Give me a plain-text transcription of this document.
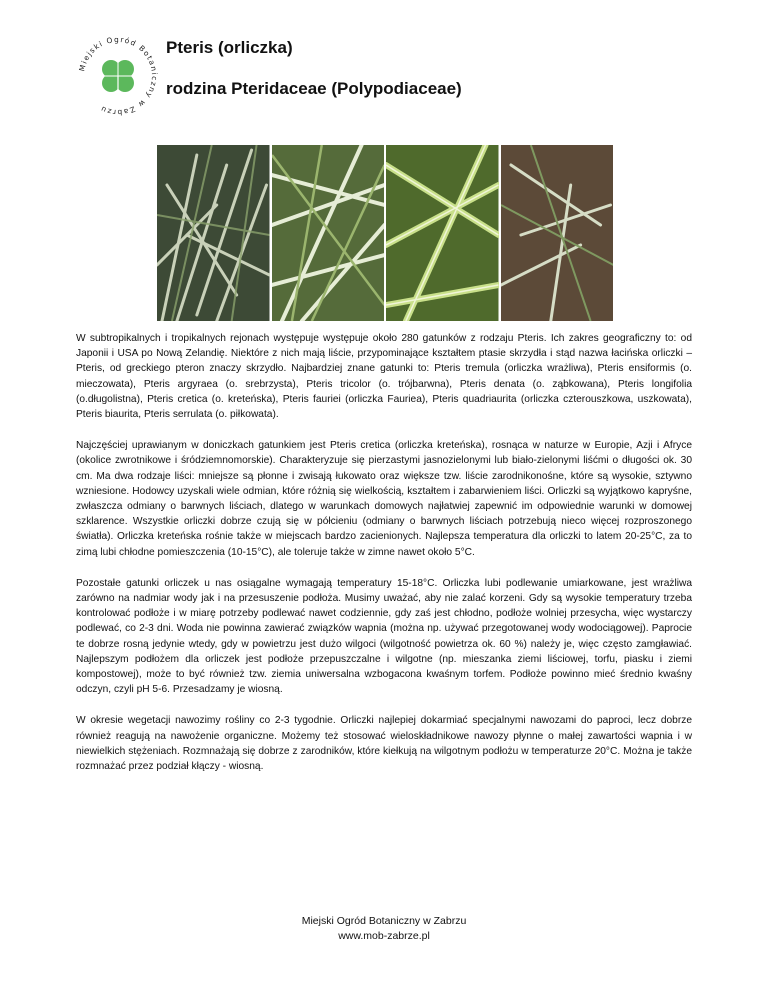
Miejski Ogród Botaniczny w Zabrzu
Pteris (orliczka)
rodzina Pteridaceae (Polypodiaceae)

W subtropikalnych i tropikalnych rejonach występuje występuje około 280 gatunków z rodzaju Pteris. Ich zakres geograficzny to: od Japonii i USA po Nową Zelandię. Niektóre z nich mają liście, przypominające kształtem ptasie skrzydła i stąd nazwa łacińska orliczki – Pteris, od greckiego pteron znaczy skrzydło. Najbardziej znane gatunki to: Pteris tremula (orliczka wrażliwa), Pteris ensiformis (o. mieczowata), Pteris argyraea (o. srebrzysta), Pteris tricolor (o. trójbarwna), Pteris denata (o. ząbkowana), Pteris longifolia (o.długolistna), Pteris cretica (o. kreteńska), Pteris fauriei (orliczka Fauriea), Pteris quadriaurita (orliczka czterouszkowa, uszkowata), Pteris biaurita, Pteris serrulata (o. piłkowata).

Najczęściej uprawianym w doniczkach gatunkiem jest Pteris cretica (orliczka kreteńska), rosnąca w naturze w Europie, Azji i Afryce (okolice zwrotnikowe i śródziemnomorskie). Charakteryzuje się pierzastymi jasnozielonymi lub biało-zielonymi liśćmi o długości ok. 30 cm. Ma dwa rodzaje liści: mniejsze są płonne i zwisają łukowato oraz większe tzw. liście zarodnikonośne, które są wysokie, sztywno wzniesione. Hodowcy uzyskali wiele odmian, które różnią się wielkością, kształtem i zabarwieniem liści. Orliczki są wyjątkowo kapryśne, zwłaszcza odmiany o barwnych liściach, dlatego w warunkach domowych najłatwiej zapewnić im odpowiednie warunki w domowej szklarence. Wszystkie orliczki dobrze czują się w półcieniu (odmiany o barwnych liściach potrzebują nieco więcej rozproszonego światła). Orliczka kreteńska rośnie także w miejscach bardzo zacienionych. Najlepsza temperatura dla orliczki to latem 20-25°C, za to zimą lubi chłodne pomieszczenia (10-15°C), ale toleruje także w zimne nawet około 5°C.

Pozostałe gatunki orliczek u nas osiągalne wymagają temperatury 15-18°C. Orliczka lubi podlewanie umiarkowane, jest wrażliwa zarówno na nadmiar wody jak i na przesuszenie podłoża. Musimy uważać, aby nie zalać korzeni. Gdy są wysokie temperatury trzeba kontrolować podłoże i w miarę potrzeby podlewać nawet codziennie, gdy zaś jest chłodno, podłoże wolniej przesycha, więc wystarczy podlewać, co 2-3 dni. Woda nie powinna zawierać związków wapnia (można np. używać przegotowanej wody wodociągowej). Paprocie te dobrze rosną jedynie wtedy, gdy w powietrzu jest dużo wilgoci (wilgotność powietrza ok. 60 %) należy je, więc często zamgławiać. Najlepszym podłożem dla orliczek jest podłoże przepuszczalne i wilgotne (np. mieszanka ziemi liściowej, torfu, piasku i ziemi kompostowej), może to być również tzw. ziemia uniwersalna wzbogacona kwaśnym torfem. Podłoże powinno mieć średnio kwaśny odczyn, czyli pH 5-6. Przesadzamy je wiosną.

W okresie wegetacji nawozimy rośliny co 2-3 tygodnie. Orliczki najlepiej dokarmiać specjalnymi nawozami do paproci, lecz dobrze również reagują na nawożenie organiczne. Możemy też stosować wieloskładnikowe nawozy płynne o małej zawartości wapnia i w niewielkich stężeniach. Rozmnażają się dobrze z zarodników, które kiełkują na wilgotnym podłożu w temperaturze 20°C. Można je także rozmnażać przez podział kłączy - wiosną.

Miejski Ogród Botaniczny w Zabrzu
www.mob-zabrze.pl
